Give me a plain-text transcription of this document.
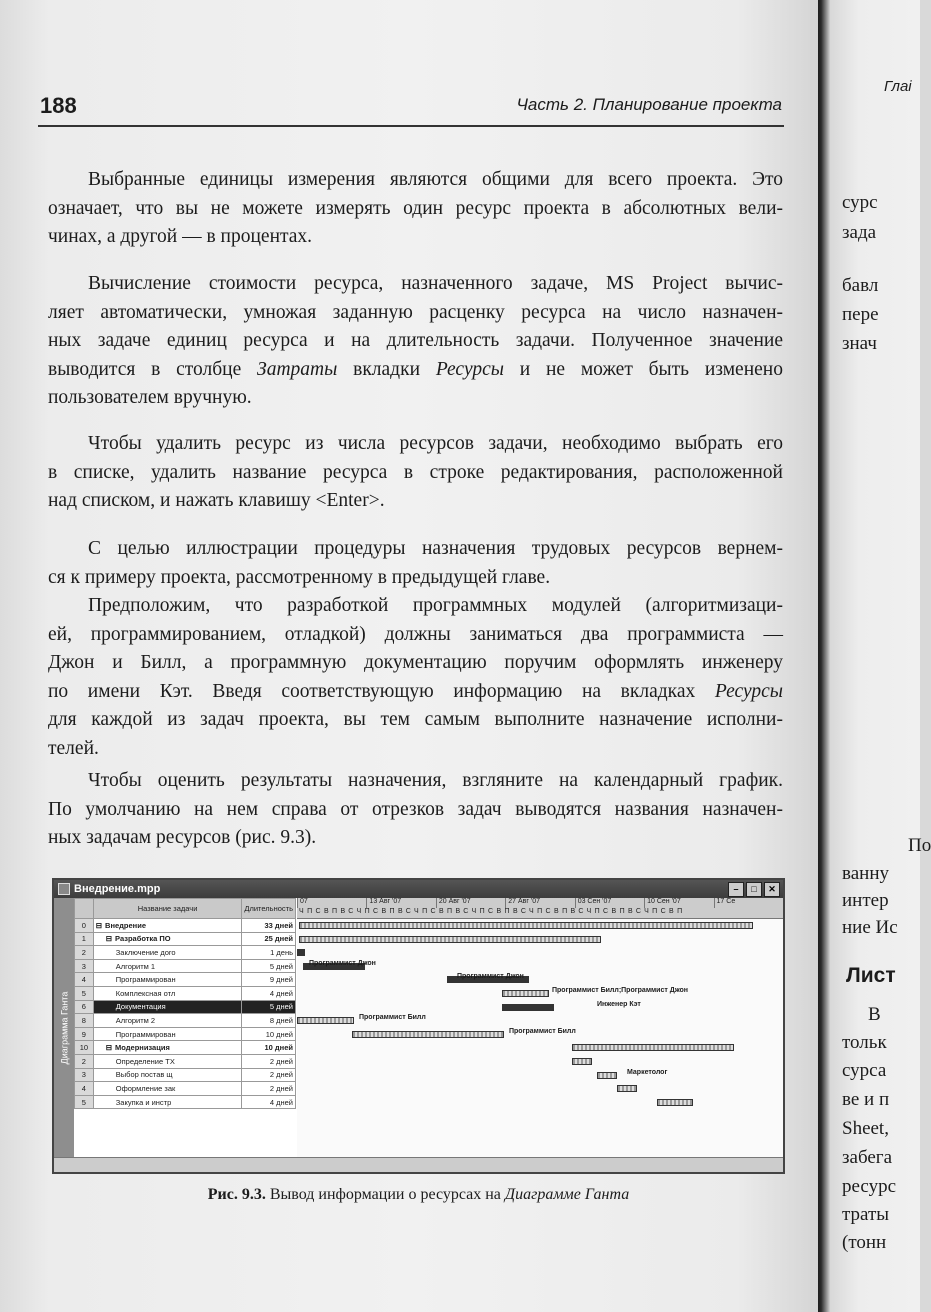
188	Часть 2. Планирование проекта

Выбранные единицы измерения являются общими для всего проекта. Это
означает, что вы не можете измерять один ресурс проекта в абсолютных вели-
чинах, а другой — в процентах.

Вычисление стоимости ресурса, назначенного задаче, MS Project вычис-
ляет автоматически, умножая заданную расценку ресурса на число назначен-
ных задаче единиц ресурса и на длительность задачи. Полученное значение
выводится в столбце Затраты вкладки Ресурсы и не может быть изменено
пользователем вручную.

Чтобы удалить ресурс из числа ресурсов задачи, необходимо выбрать его
в списке, удалить название ресурса в строке редактирования, расположенной
над списком, и нажать клавишу <Enter>.

С целью иллюстрации процедуры назначения трудовых ресурсов вернем-
ся к примеру проекта, рассмотренному в предыдущей главе.

Предположим, что разработкой программных модулей (алгоритмизаци-
ей, программированием, отладкой) должны заниматься два программиста —
Джон и Билл, а программную документацию поручим оформлять инженеру
по имени Кэт. Введя соответствующую информацию на вкладках Ресурсы
для каждой из задач проекта, вы тем самым выполните назначение исполни-
телей.

Чтобы оценить результаты назначения, взгляните на календарный график.
По умолчанию на нем справа от отрезков задач выводятся названия назначен-
ных задачам ресурсов (рис. 9.3).

Внедрение.mpp	–	□	✕
Диаграмма Ганта
	Название задачи	Длительность
0	⊟ Внедрение	33 дней
1	⊟ Разработка ПО	25 дней
2	Заключение дого	1 день
3	Алгоритм 1	5 дней
4	Программирован	9 дней
5	Комплексная отл	4 дней
6	Документация	5 дней
8	Алгоритм 2	8 дней
9	Программирован	10 дней
10	⊟ Модернизация	10 дней
2	Определение ТХ	2 дней
3	Выбор постав щ	2 дней
4	Оформление зак	2 дней
5	Закупка и инстр	4 дней
07	13 Авг '07	20 Авг '07	27 Авг '07	03 Сен '07	10 Сен '07	17 Се
ЧПСВПВСЧПСВПВСЧПСВПВСЧПСВПВСЧПСВПВСЧПСВПВСЧПСВП
Программист Джон
Программист Джон
Программист Билл;Программист Джон
Инженер Кэт
Программист Билл
Программист Билл
Маркетолог
Рис. 9.3. Вывод информации о ресурсах на Диаграмме Ганта
Глаі
сурс
зада
бавл
пере
знач
По
ванну
интер
ние Ис
Лист
В
тольк
сурса
ве и п
Sheet,
забега
ресурс
траты
(тонн
